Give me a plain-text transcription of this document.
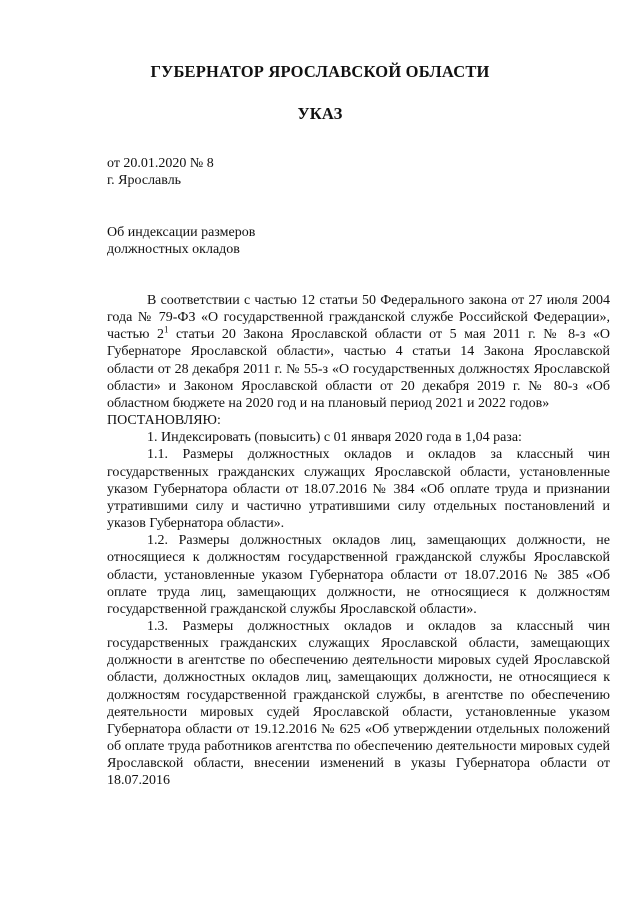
ГУБЕРНАТОР ЯРОСЛАВСКОЙ ОБЛАСТИ
УКАЗ
от 20.01.2020 № 8
г. Ярославль
Об индексации размеров
должностных окладов

В соответствии с частью 12 статьи 50 Федерального закона от 27 июля 2004 года № 79-ФЗ «О государственной гражданской службе Российской Федерации», частью $2^1$ статьи 20 Закона Ярославской области от 5 мая 2011 г. № 8-з «О Губернаторе Ярославской области», частью 4 статьи 14 Закона Ярославской области от 28 декабря 2011 г. № 55-з «О государственных должностях Ярославской области» и Законом Ярославской области от 20 декабря 2019 г. № 80-з «Об областном бюджете на 2020 год и на плановый период 2021 и 2022 годов»

ПОСТАНОВЛЯЮ:

1. Индексировать (повысить) с 01 января 2020 года в 1,04 раза:

1.1. Размеры должностных окладов и окладов за классный чин государственных гражданских служащих Ярославской области, установленные указом Губернатора области от 18.07.2016 № 384 «Об оплате труда и признании утратившими силу и частично утратившими силу отдельных постановлений и указов Губернатора области».

1.2. Размеры должностных окладов лиц, замещающих должности, не относящиеся к должностям государственной гражданской службы Ярославской области, установленные указом Губернатора области от 18.07.2016 № 385 «Об оплате труда лиц, замещающих должности, не относящиеся к должностям государственной гражданской службы Ярославской области».

1.3. Размеры должностных окладов и окладов за классный чин государственных гражданских служащих Ярославской области, замещающих должности в агентстве по обеспечению деятельности мировых судей Ярославской области, должностных окладов лиц, замещающих должности, не относящиеся к должностям государственной гражданской службы, в агентстве по обеспечению деятельности мировых судей Ярославской области, установленные указом Губернатора области от 19.12.2016 № 625 «Об утверждении отдельных положений об оплате труда работников агентства по обеспечению деятельности мировых судей Ярославской области, внесении изменений в указы Губернатора области от 18.07.2016
